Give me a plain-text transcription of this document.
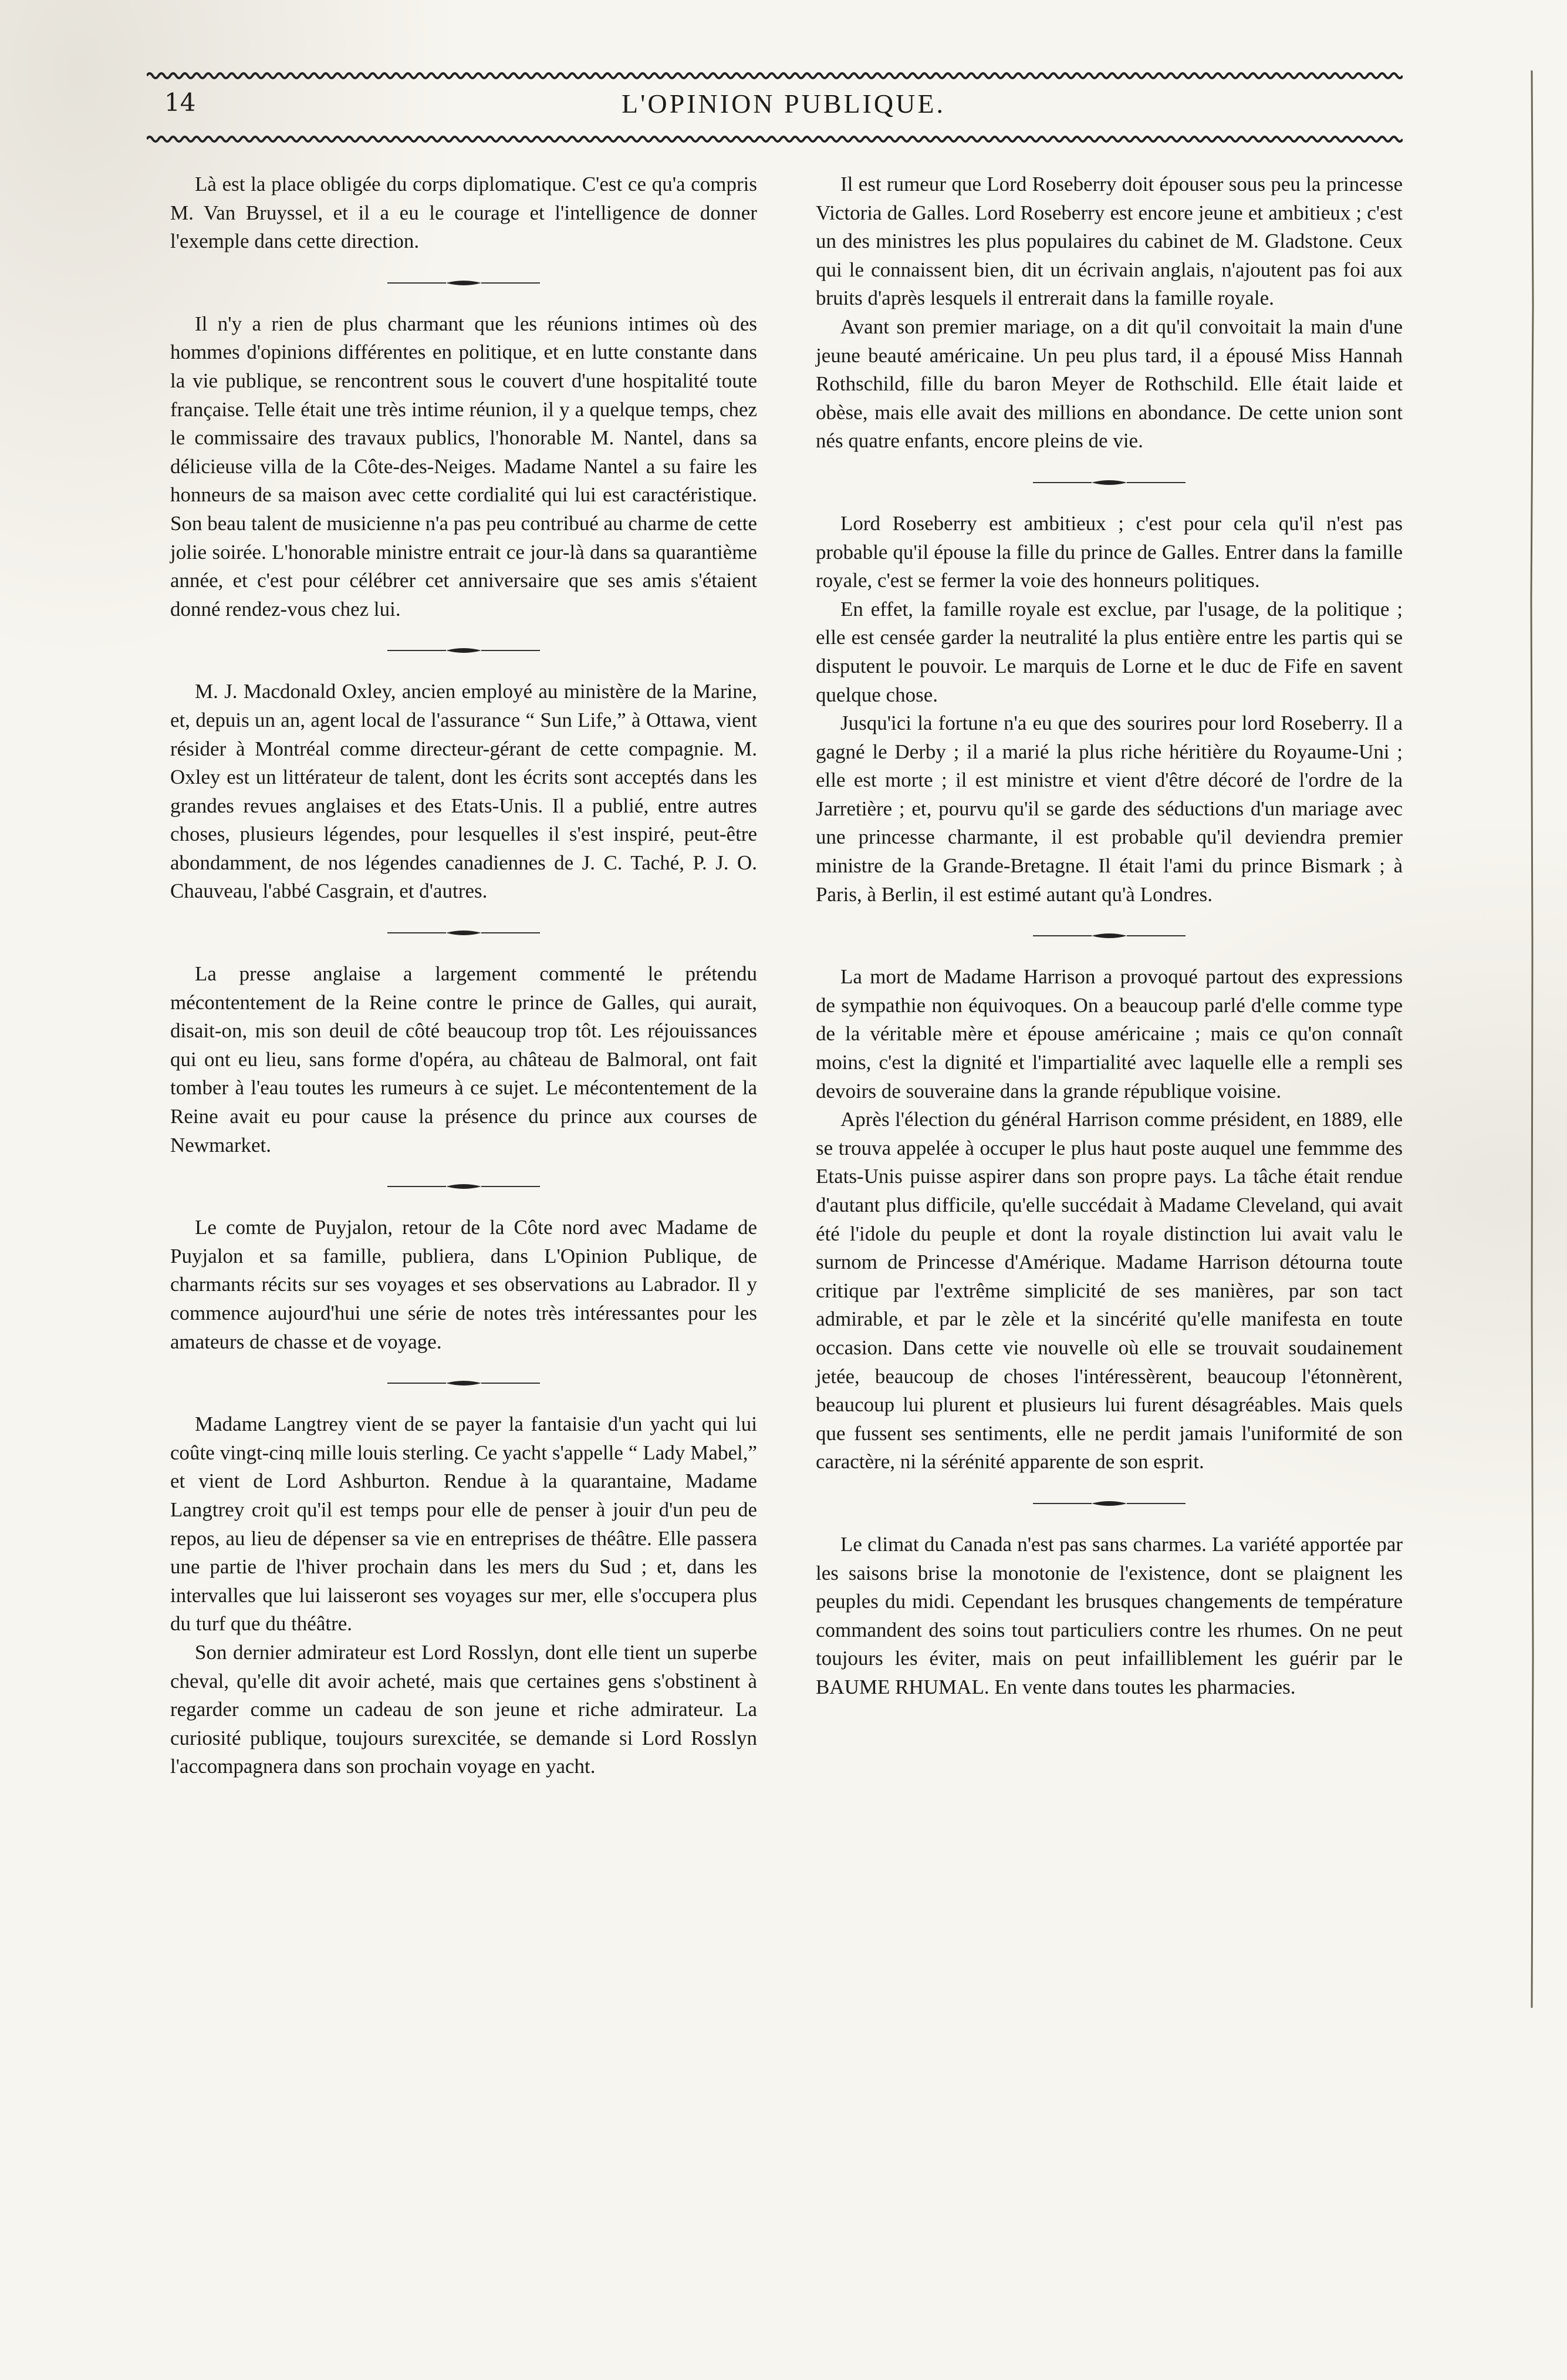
14	L'OPINION PUBLIQUE.

Là est la place obligée du corps diplomatique. C'est ce qu'a compris M. Van Bruyssel, et il a eu le courage et l'intelligence de donner l'exemple dans cette direction.

Il n'y a rien de plus charmant que les réunions intimes où des hommes d'opinions différentes en politique, et en lutte constante dans la vie publique, se rencontrent sous le couvert d'une hospitalité toute française. Telle était une très intime réunion, il y a quelque temps, chez le commissaire des travaux publics, l'honorable M. Nantel, dans sa délicieuse villa de la Côte-des-Neiges. Madame Nantel a su faire les honneurs de sa maison avec cette cordialité qui lui est caractéristique. Son beau talent de musicienne n'a pas peu contribué au charme de cette jolie soirée. L'honorable ministre entrait ce jour-là dans sa quarantième année, et c'est pour célébrer cet anniversaire que ses amis s'étaient donné rendez-vous chez lui.

M. J. Macdonald Oxley, ancien employé au ministère de la Marine, et, depuis un an, agent local de l'assurance “ Sun Life,” à Ottawa, vient résider à Montréal comme directeur-gérant de cette compagnie. M. Oxley est un littérateur de talent, dont les écrits sont acceptés dans les grandes revues anglaises et des Etats-Unis. Il a publié, entre autres choses, plusieurs légendes, pour lesquelles il s'est inspiré, peut-être abondamment, de nos légendes canadiennes de J. C. Taché, P. J. O. Chauveau, l'abbé Casgrain, et d'autres.

La presse anglaise a largement commenté le prétendu mécontentement de la Reine contre le prince de Galles, qui aurait, disait-on, mis son deuil de côté beaucoup trop tôt. Les réjouissances qui ont eu lieu, sans forme d'opéra, au château de Balmoral, ont fait tomber à l'eau toutes les rumeurs à ce sujet. Le mécontentement de la Reine avait eu pour cause la présence du prince aux courses de Newmarket.

Le comte de Puyjalon, retour de la Côte nord avec Madame de Puyjalon et sa famille, publiera, dans L'Opinion Publique, de charmants récits sur ses voyages et ses observations au Labrador. Il y commence aujourd'hui une série de notes très intéressantes pour les amateurs de chasse et de voyage.

Madame Langtrey vient de se payer la fantaisie d'un yacht qui lui coûte vingt-cinq mille louis sterling. Ce yacht s'appelle “ Lady Mabel,” et vient de Lord Ashburton. Rendue à la quarantaine, Madame Langtrey croit qu'il est temps pour elle de penser à jouir d'un peu de repos, au lieu de dépenser sa vie en entreprises de théâtre. Elle passera une partie de l'hiver prochain dans les mers du Sud ; et, dans les intervalles que lui laisseront ses voyages sur mer, elle s'occupera plus du turf que du théâtre.

Son dernier admirateur est Lord Rosslyn, dont elle tient un superbe cheval, qu'elle dit avoir acheté, mais que certaines gens s'obstinent à regarder comme un cadeau de son jeune et riche admirateur. La curiosité publique, toujours surexcitée, se demande si Lord Rosslyn l'accompagnera dans son prochain voyage en yacht.

Il est rumeur que Lord Roseberry doit épouser sous peu la princesse Victoria de Galles. Lord Roseberry est encore jeune et ambitieux ; c'est un des ministres les plus populaires du cabinet de M. Gladstone. Ceux qui le connaissent bien, dit un écrivain anglais, n'ajoutent pas foi aux bruits d'après lesquels il entrerait dans la famille royale.

Avant son premier mariage, on a dit qu'il convoitait la main d'une jeune beauté américaine. Un peu plus tard, il a épousé Miss Hannah Rothschild, fille du baron Meyer de Rothschild. Elle était laide et obèse, mais elle avait des millions en abondance. De cette union sont nés quatre enfants, encore pleins de vie.

Lord Roseberry est ambitieux ; c'est pour cela qu'il n'est pas probable qu'il épouse la fille du prince de Galles. Entrer dans la famille royale, c'est se fermer la voie des honneurs politiques.

En effet, la famille royale est exclue, par l'usage, de la politique ; elle est censée garder la neutralité la plus entière entre les partis qui se disputent le pouvoir. Le marquis de Lorne et le duc de Fife en savent quelque chose.

Jusqu'ici la fortune n'a eu que des sourires pour lord Roseberry. Il a gagné le Derby ; il a marié la plus riche héritière du Royaume-Uni ; elle est morte ; il est ministre et vient d'être décoré de l'ordre de la Jarretière ; et, pourvu qu'il se garde des séductions d'un mariage avec une princesse charmante, il est probable qu'il deviendra premier ministre de la Grande-Bretagne. Il était l'ami du prince Bismark ; à Paris, à Berlin, il est estimé autant qu'à Londres.

La mort de Madame Harrison a provoqué partout des expressions de sympathie non équivoques. On a beaucoup parlé d'elle comme type de la véritable mère et épouse américaine ; mais ce qu'on connaît moins, c'est la dignité et l'impartialité avec laquelle elle a rempli ses devoirs de souveraine dans la grande république voisine.

Après l'élection du général Harrison comme président, en 1889, elle se trouva appelée à occuper le plus haut poste auquel une femmme des Etats-Unis puisse aspirer dans son propre pays. La tâche était rendue d'autant plus difficile, qu'elle succédait à Madame Cleveland, qui avait été l'idole du peuple et dont la royale distinction lui avait valu le surnom de Princesse d'Amérique. Madame Harrison détourna toute critique par l'extrême simplicité de ses manières, par son tact admirable, et par le zèle et la sincérité qu'elle manifesta en toute occasion. Dans cette vie nouvelle où elle se trouvait soudainement jetée, beaucoup de choses l'intéressèrent, beaucoup l'étonnèrent, beaucoup lui plurent et plusieurs lui furent désagréables. Mais quels que fussent ses sentiments, elle ne perdit jamais l'uniformité de son caractère, ni la sérénité apparente de son esprit.

Le climat du Canada n'est pas sans charmes. La variété apportée par les saisons brise la monotonie de l'existence, dont se plaignent les peuples du midi. Cependant les brusques changements de température commandent des soins tout particuliers contre les rhumes. On ne peut toujours les éviter, mais on peut infailliblement les guérir par le BAUME RHUMAL. En vente dans toutes les pharmacies.
